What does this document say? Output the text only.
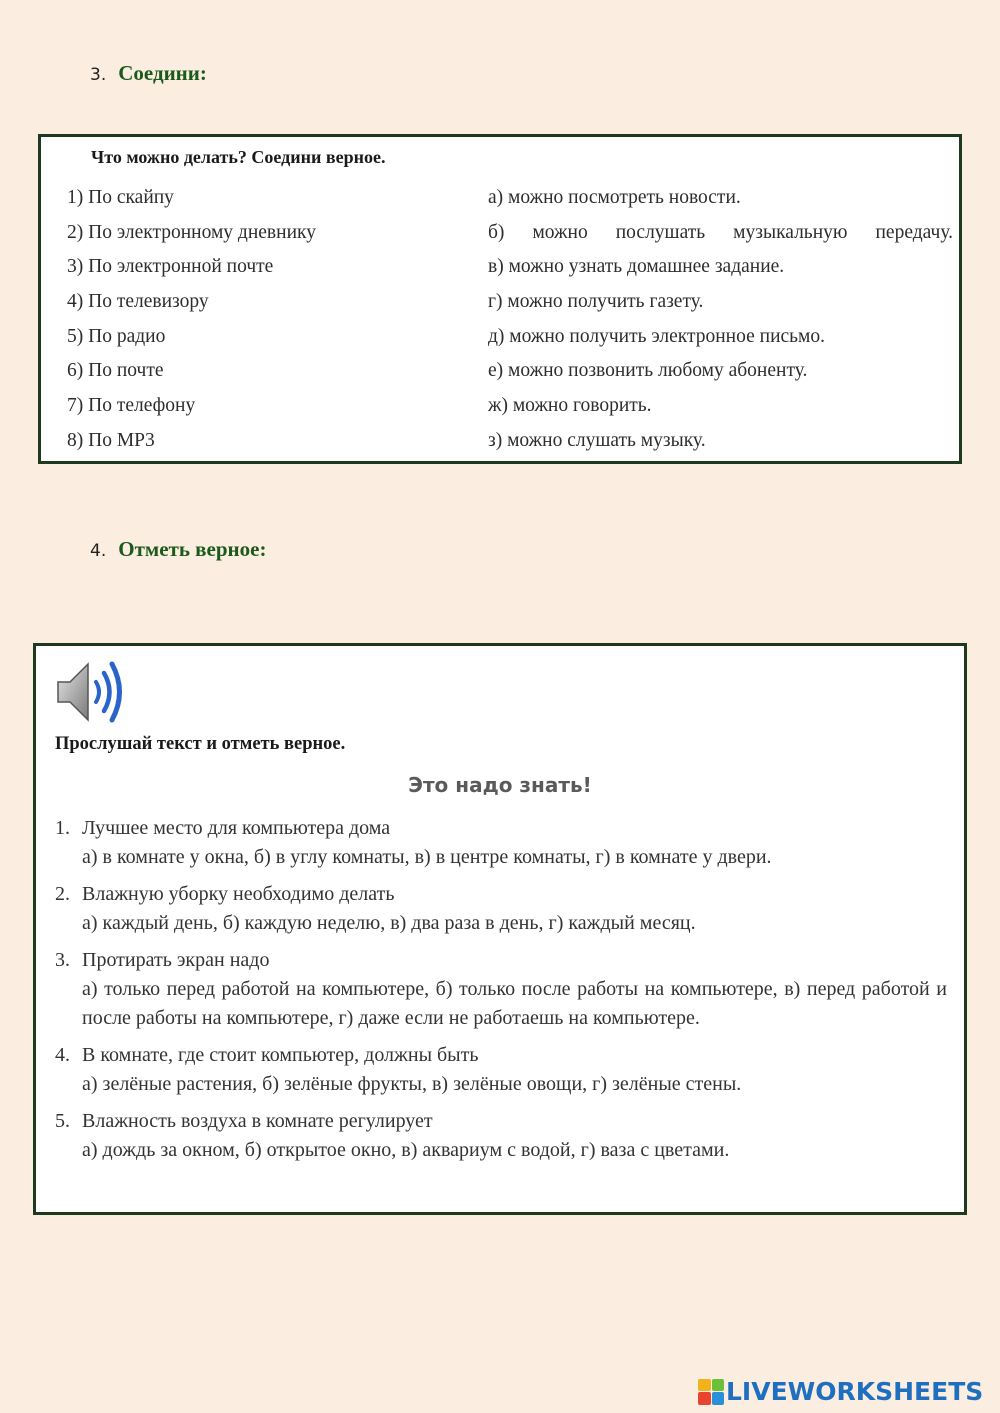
3. Соедини:
Что можно делать? Соедини верное.
1) По скайпу
2) По электронному дневнику
3) По электронной почте
4) По телевизору
5) По радио
6) По почте
7) По телефону
8) По МР3
а) можно посмотреть новости.
б) можно послушать музыкальную передачу.
в) можно узнать домашнее задание.
г) можно получить газету.
д) можно получить электронное письмо.
е) можно позвонить любому абоненту.
ж) можно говорить.
з) можно слушать музыку.
4. Отметь верное:
Прослушай текст и отметь верное.
Это надо знать!
1. Лучшее место для компьютера дома
а) в комнате у окна, б) в углу комнаты, в) в центре комнаты, г) в комнате у двери.
2. Влажную уборку необходимо делать
а) каждый день, б) каждую неделю, в) два раза в день, г) каждый месяц.
3. Протирать экран надо
а) только перед работой на компьютере, б) только после работы на компьютере, в) перед работой и после работы на компьютере, г) даже если не работаешь на компьютере.
4. В комнате, где стоит компьютер, должны быть
а) зелёные растения, б) зелёные фрукты, в) зелёные овощи, г) зелёные стены.
5. Влажность воздуха в комнате регулирует
а) дождь за окном, б) открытое окно, в) аквариум с водой, г) ваза с цветами.
LIVEWORKSHEETS
